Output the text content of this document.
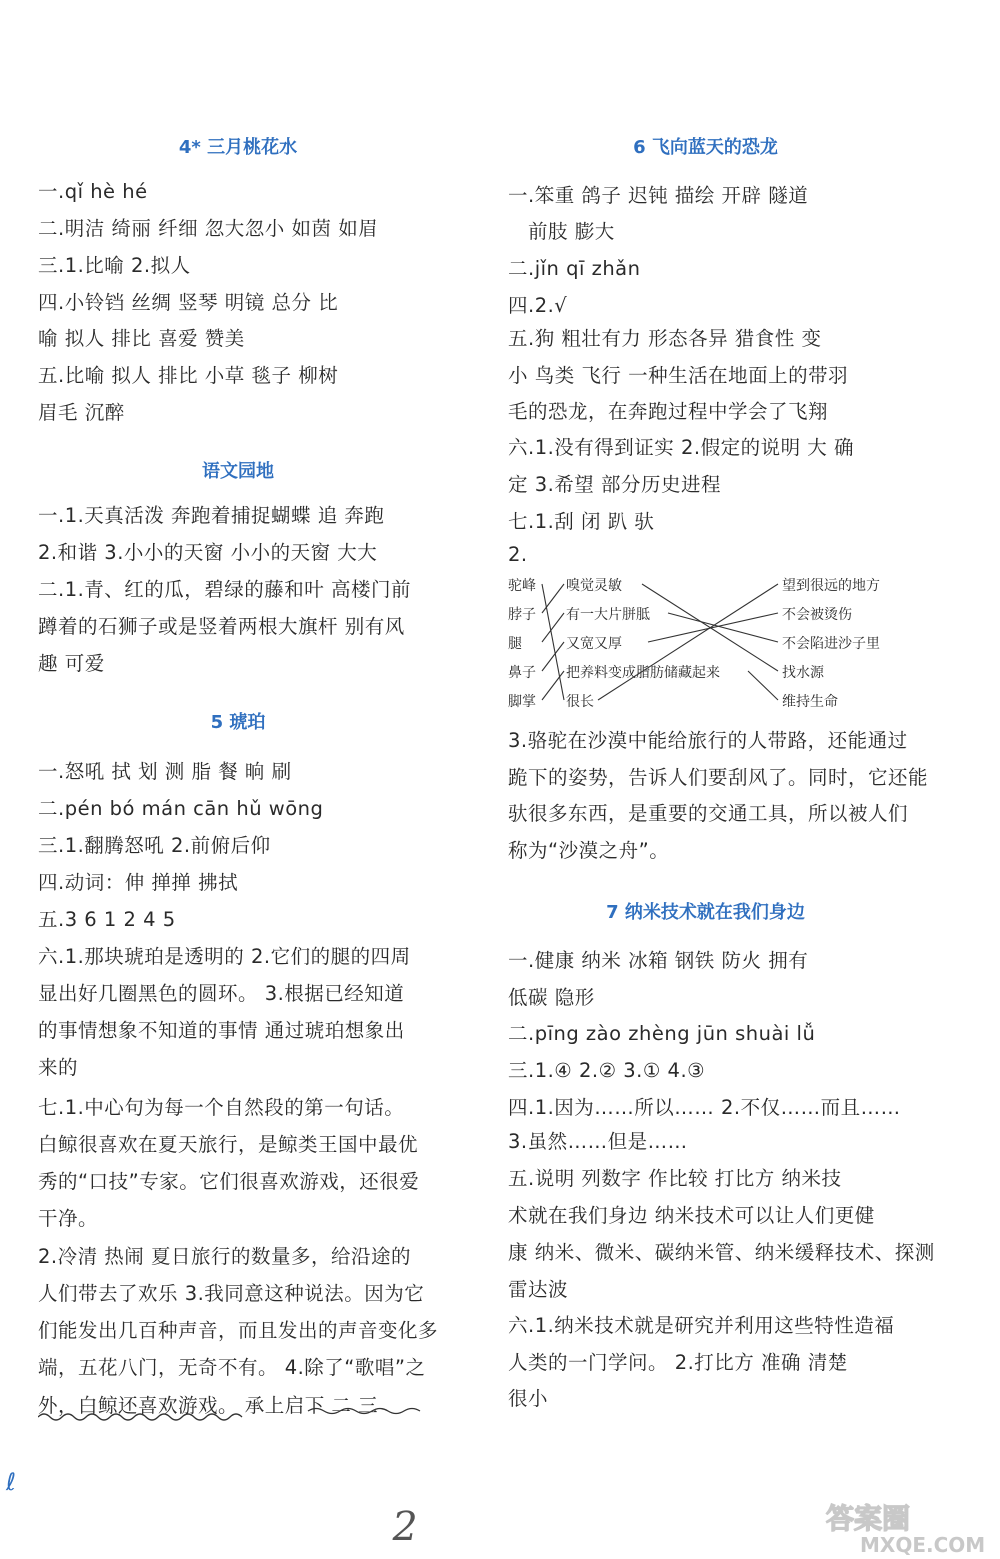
4* 三月桃花水
一.qǐ hè hé
二.明洁 绮丽 纤细 忽大忽小 如茵 如眉
三.1.比喻 2.拟人
四.小铃铛 丝绸 竖琴 明镜 总分 比
喻 拟人 排比 喜爱 赞美
五.比喻 拟人 排比 小草 毯子 柳树
眉毛 沉醉
语文园地
一.1.天真活泼 奔跑着捕捉蝴蝶 追 奔跑
2.和谐 3.小小的天窗 小小的天窗 大大
二.1.青、红的瓜，碧绿的藤和叶 高楼门前
蹲着的石狮子或是竖着两根大旗杆 别有风
趣 可爱
5 琥珀
一.怒吼 拭 划 测 脂 餐 晌 刷
二.pén bó mán cān hǔ wōng
三.1.翻腾怒吼 2.前俯后仰
四.动词：伸 掸掸 拂拭
五.3 6 1 2 4 5
六.1.那块琥珀是透明的 2.它们的腿的四周
显出好几圈黑色的圆环。 3.根据已经知道
的事情想象不知道的事情 通过琥珀想象出
来的
七.1.中心句为每一个自然段的第一句话。
白鲸很喜欢在夏天旅行，是鲸类王国中最优
秀的“口技”专家。它们很喜欢游戏，还很爱
干净。
2.冷清 热闹 夏日旅行的数量多，给沿途的
人们带去了欢乐 3.我同意这种说法。因为它
们能发出几百种声音，而且发出的声音变化多
端，五花八门，无奇不有。 4.除了“歌唱”之
外，白鲸还喜欢游戏。 承上启下 二 三
6 飞向蓝天的恐龙
一.笨重 鸽子 迟钝 描绘 开辟 隧道
前肢 膨大
二.jǐn qī zhǎn
四.2.√
五.狗 粗壮有力 形态各异 猎食性 变
小 鸟类 飞行 一种生活在地面上的带羽
毛的恐龙，在奔跑过程中学会了飞翔
六.1.没有得到证实 2.假定的说明 大 确
定 3.希望 部分历史进程
七.1.刮 闭 趴 驮
2.
3.骆驼在沙漠中能给旅行的人带路，还能通过
跪下的姿势，告诉人们要刮风了。同时，它还能
驮很多东西，是重要的交通工具，所以被人们
称为“沙漠之舟”。
7 纳米技术就在我们身边
一.健康 纳米 冰箱 钢铁 防火 拥有
低碳 隐形
二.pīng zào zhèng jūn shuài lǚ
三.1.④ 2.② 3.① 4.③
四.1.因为……所以…… 2.不仅……而且……
3.虽然……但是……
五.说明 列数字 作比较 打比方 纳米技
术就在我们身边 纳米技术可以让人们更健
康 纳米、微米、碳纳米管、纳米缓释技术、探测
雷达波
六.1.纳米技术就是研究并利用这些特性造福
人类的一门学问。 2.打比方 准确 清楚
很小
驼峰
脖子
腿
鼻子
脚掌
嗅觉灵敏
有一大片胼胝
又宽又厚
把养料变成脂肪储藏起来
很长
望到很远的地方
不会被烫伤
不会陷进沙子里
找水源
维持生命
ℓ
2	答案圈
MXQE.COM
